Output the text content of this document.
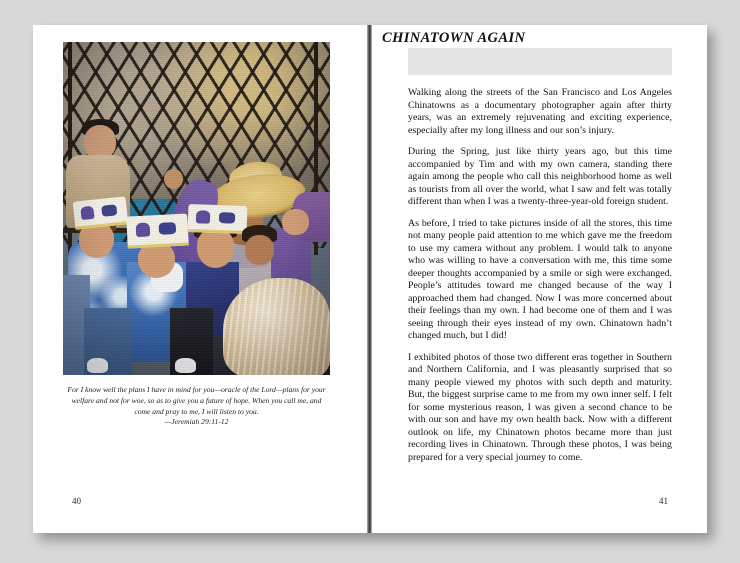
For I know well the plans I have in mind for you—oracle of the Lord—plans for your welfare and not for woe, so as to give you a future of hope. When you call me, and come and pray to me, I will listen to you.
—Jeremiah 29:11-12
40
CHINATOWN AGAIN

Walking along the streets of the San Francisco and Los Angeles Chinatowns as a documentary photographer again after thirty years, was an extremely rejuvenating and exciting experience, especially after my long illness and our son’s injury.

During the Spring, just like thirty years ago, but this time accompanied by Tim and with my own camera, standing there again among the people who call this neighborhood home as well as tourists from all over the world, what I saw and felt was totally different than when I was a twenty-three-year-old foreign student.

As before, I tried to take pictures inside of all the stores, this time not many people paid attention to me which gave me the freedom to use my camera without any problem. I would talk to anyone who was willing to have a conversation with me, this time some deeper thoughts accompanied by a smile or sigh were exchanged. People’s attitudes toward me changed because of the way I approached them had changed. Now I was more concerned about their feelings than my own. I had become one of them and I was seeing through their eyes instead of my own. Chinatown hadn’t changed much, but I did!

I exhibited photos of those two different eras together in Southern and Northern California, and I was pleasantly surprised that so many people viewed my photos with such depth and maturity. But, the biggest surprise came to me from my own inner self. I felt for some mysterious reason, I was given a second chance to be with our son and have my own health back. Now with a different outlook on life, my Chinatown photos became more than just recording lives in Chinatown. Through these photos, I was being prepared for a very special journey to come.

41
